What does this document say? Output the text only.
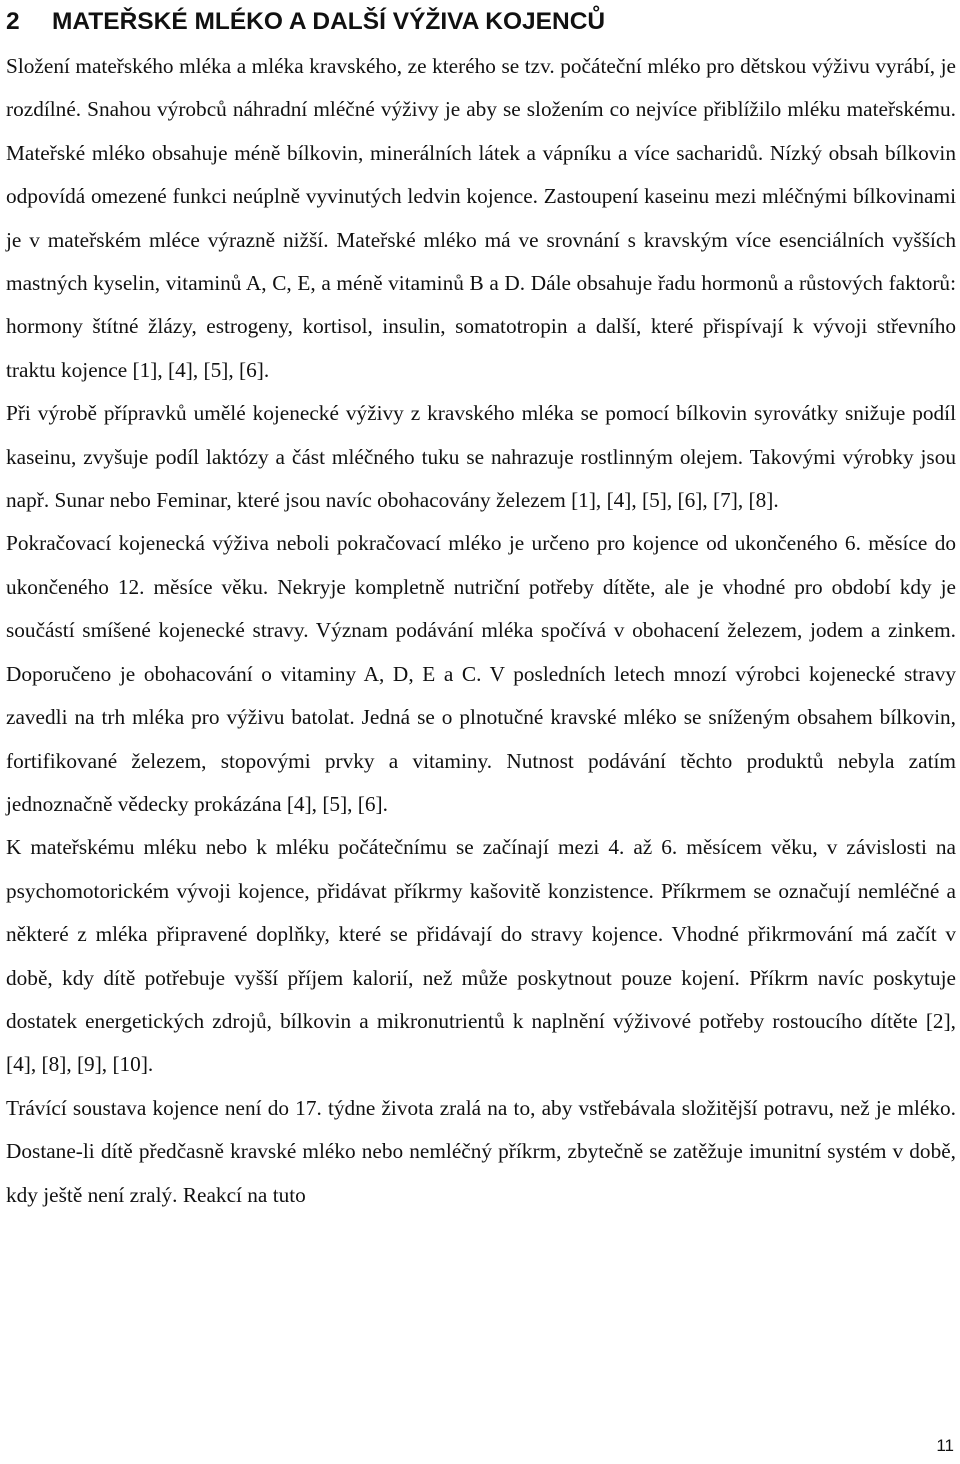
2	MATEŘSKÉ MLÉKO A DALŠÍ VÝŽIVA KOJENCŮ

Složení mateřského mléka a mléka kravského, ze kterého se tzv. počáteční mléko pro dětskou výživu vyrábí, je rozdílné. Snahou výrobců náhradní mléčné výživy je aby se složením co nejvíce přiblížilo mléku mateřskému. Mateřské mléko obsahuje méně bílkovin, minerálních látek a vápníku a více sacharidů. Nízký obsah bílkovin odpovídá omezené funkci neúplně vyvinutých ledvin kojence. Zastoupení kaseinu mezi mléčnými bílkovinami je v mateřském mléce výrazně nižší. Mateřské mléko má ve srovnání s kravským více esenciálních vyšších mastných kyselin, vitaminů A, C, E, a méně vitaminů B a D. Dále obsahuje řadu hormonů a růstových faktorů: hormony štítné žlázy, estrogeny, kortisol, insulin, somatotropin a další, které přispívají k vývoji střevního traktu kojence [1], [4], [5], [6].

Při výrobě přípravků umělé kojenecké výživy z kravského mléka se pomocí bílkovin syrovátky snižuje podíl kaseinu, zvyšuje podíl laktózy a část mléčného tuku se nahrazuje rostlinným olejem. Takovými výrobky jsou např. Sunar nebo Feminar, které jsou navíc obohacovány železem [1], [4], [5], [6], [7], [8].

Pokračovací kojenecká výživa neboli pokračovací mléko je určeno pro kojence od ukončeného 6. měsíce do ukončeného 12. měsíce věku. Nekryje kompletně nutriční potřeby dítěte, ale je vhodné pro období kdy je součástí smíšené kojenecké stravy. Význam podávání mléka spočívá v obohacení železem, jodem a zinkem. Doporučeno je obohacování o vitaminy A, D, E a C. V posledních letech mnozí výrobci kojenecké stravy zavedli na trh mléka pro výživu batolat. Jedná se o plnotučné kravské mléko se sníženým obsahem bílkovin, fortifikované železem, stopovými prvky a vitaminy. Nutnost podávání těchto produktů nebyla zatím jednoznačně vědecky prokázána [4], [5], [6].

K mateřskému mléku nebo k mléku počátečnímu se začínají mezi 4. až 6. měsícem věku, v závislosti na psychomotorickém vývoji kojence, přidávat příkrmy kašovitě konzistence. Příkrmem se označují nemléčné a některé z mléka připravené doplňky, které se přidávají do stravy kojence. Vhodné přikrmování má začít v době, kdy dítě potřebuje vyšší příjem kalorií, než může poskytnout pouze kojení. Příkrm navíc poskytuje dostatek energetických zdrojů, bílkovin a mikronutrientů k naplnění výživové potřeby rostoucího dítěte [2], [4], [8], [9], [10].

Trávící soustava kojence není do 17. týdne života zralá na to, aby vstřebávala složitější potravu, než je mléko. Dostane-li dítě předčasně kravské mléko nebo nemléčný příkrm, zbytečně se zatěžuje imunitní systém v době, kdy ještě není zralý. Reakcí na tuto

11
